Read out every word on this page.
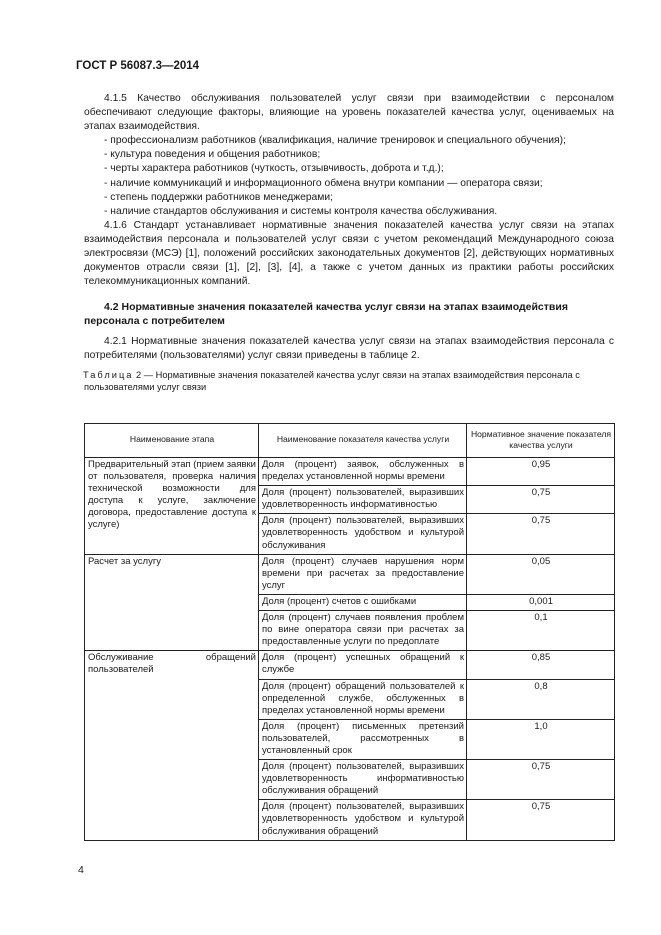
ГОСТ Р 56087.3—2014

4.1.5 Качество обслуживания пользователей услуг связи при взаимодействии с персоналом обеспечивают следующие факторы, влияющие на уровень показателей качества услуг, оцениваемых на этапах взаимодействия.

- профессионализм работников (квалификация, наличие тренировок и специального обучения);
- культура поведения и общения работников;
- черты характера работников (чуткость, отзывчивость, доброта и т.д.);
- наличие коммуникаций и информационного обмена внутри компании — оператора связи;
- степень поддержки работников менеджерами;
- наличие стандартов обслуживания и системы контроля качества обслуживания.

4.1.6 Стандарт устанавливает нормативные значения показателей качества услуг связи на этапах взаимодействия персонала и пользователей услуг связи с учетом рекомендаций Международного союза электросвязи (МСЭ) [1], положений российских законодательных документов [2], действующих нормативных документов отрасли связи [1], [2], [3], [4], а также с учетом данных из практики работы российских телекоммуникационных компаний.

4.2 Нормативные значения показателей качества услуг связи на этапах взаимодействия персонала с потребителем

4.2.1 Нормативные значения показателей качества услуг связи на этапах взаимодействия персонала с потребителями (пользователями) услуг связи приведены в таблице 2.

Таблица 2 — Нормативные значения показателей качества услуг связи на этапах взаимодействия персонала с пользователями услуг связи

Наименование этапа	Наименование показателя качества услуги	Нормативное значение показателя качества услуги
Предварительный этап (прием заявки от пользователя, проверка наличия технической возможности для доступа к услуге, заключение договора, предоставление доступа к услуге)	Доля (процент) заявок, обслуженных в пределах установленной нормы времени	0,95
	Доля (процент) пользователей, выразивших удовлетворенность информативностью	0,75
	Доля (процент) пользователей, выразивших удовлетворенность удобством и культурой обслуживания	0,75
Расчет за услугу	Доля (процент) случаев нарушения норм времени при расчетах за предоставление услуг	0,05
	Доля (процент) счетов с ошибками	0,001
	Доля (процент) случаев появления проблем по вине оператора связи при расчетах за предоставленные услуги по предоплате	0,1
Обслуживание обращений пользователей	Доля (процент) успешных обращений к службе	0,85
	Доля (процент) обращений пользователей к определенной службе, обслуженных в пределах установленной нормы времени	0,8
	Доля (процент) письменных претензий пользователей, рассмотренных в установленный срок	1,0
	Доля (процент) пользователей, выразивших удовлетворенность информативностью обслуживания обращений	0,75
	Доля (процент) пользователей, выразивших удовлетворенность удобством и культурой обслуживания обращений	0,75

4
